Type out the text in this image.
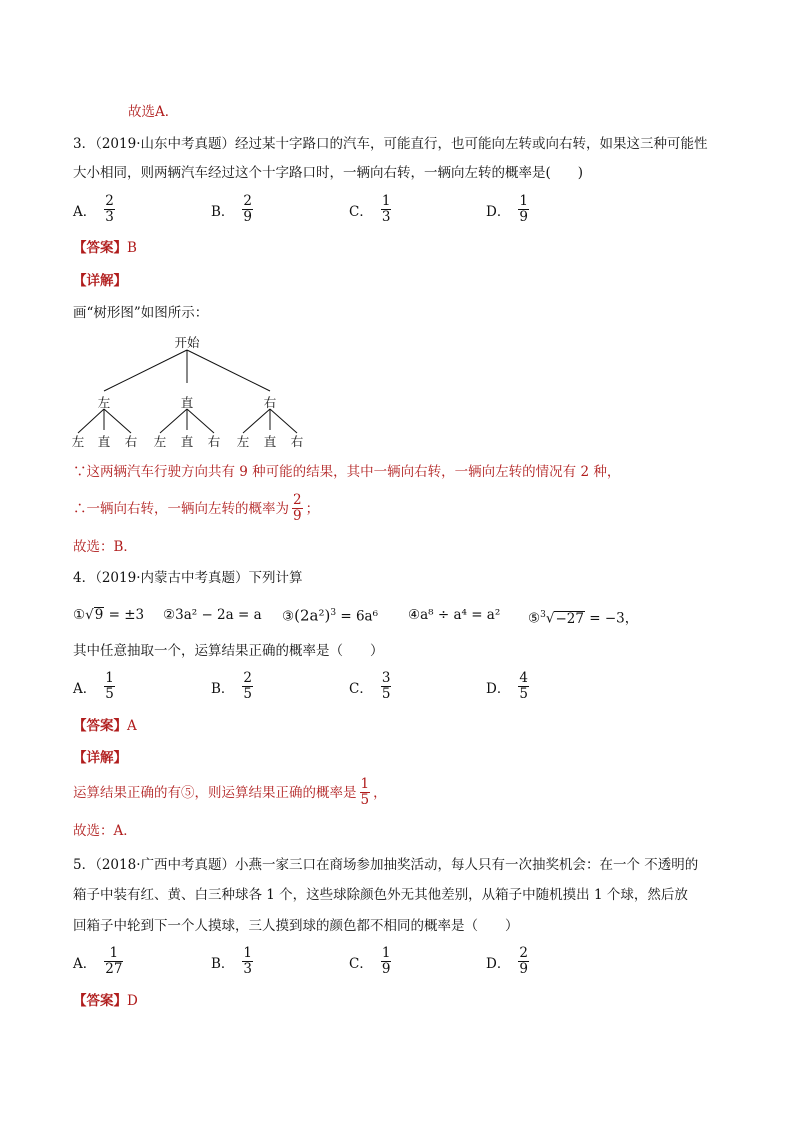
故选A．
3．（2019·山东中考真题）经过某十字路口的汽车，可能直行，也可能向左转或向右转，如果这三种可能性
大小相同，则两辆汽车经过这个十字路口时，一辆向右转，一辆向左转的概率是(　　)
A． $\frac{2}{3}$	B． $\frac{2}{9}$	C． $\frac{1}{3}$	D． $\frac{1}{9}$
【答案】B
【详解】
画“树形图”如图所示：
开始
左	直	右
左 直 右 左 直 右 左 直 右
∵这两辆汽车行驶方向共有 9 种可能的结果，其中一辆向右转，一辆向左转的情况有 2 种，
∴一辆向右转，一辆向左转的概率为 $\frac{2}{9}$ ；
故选：B．
4．（2019·内蒙古中考真题）下列计算
①√9 = ±3 ②3a² − 2a = a $③(2a^2)^3 = 6a^6$ ④a⁸ ÷ a⁴ = a² ⑤$^3$√−27 = −3，
其中任意抽取一个，运算结果正确的概率是（　　）
A． $\frac{1}{5}$	B． $\frac{2}{5}$	C． $\frac{3}{5}$	D． $\frac{4}{5}$
【答案】A
【详解】
运算结果正确的有⑤，则运算结果正确的概率是 $\frac{1}{5}$ ，
故选：A．
5．（2018·广西中考真题）小燕一家三口在商场参加抽奖活动，每人只有一次抽奖机会：在一个 不透明的
箱子中装有红、黄、白三种球各 1 个，这些球除颜色外无其他差别，从箱子中随机摸出 1 个球，然后放
回箱子中轮到下一个人摸球，三人摸到球的颜色都不相同的概率是（　　）
A． $\frac{1}{27}$	B． $\frac{1}{3}$	C． $\frac{1}{9}$	D． $\frac{2}{9}$
【答案】D
